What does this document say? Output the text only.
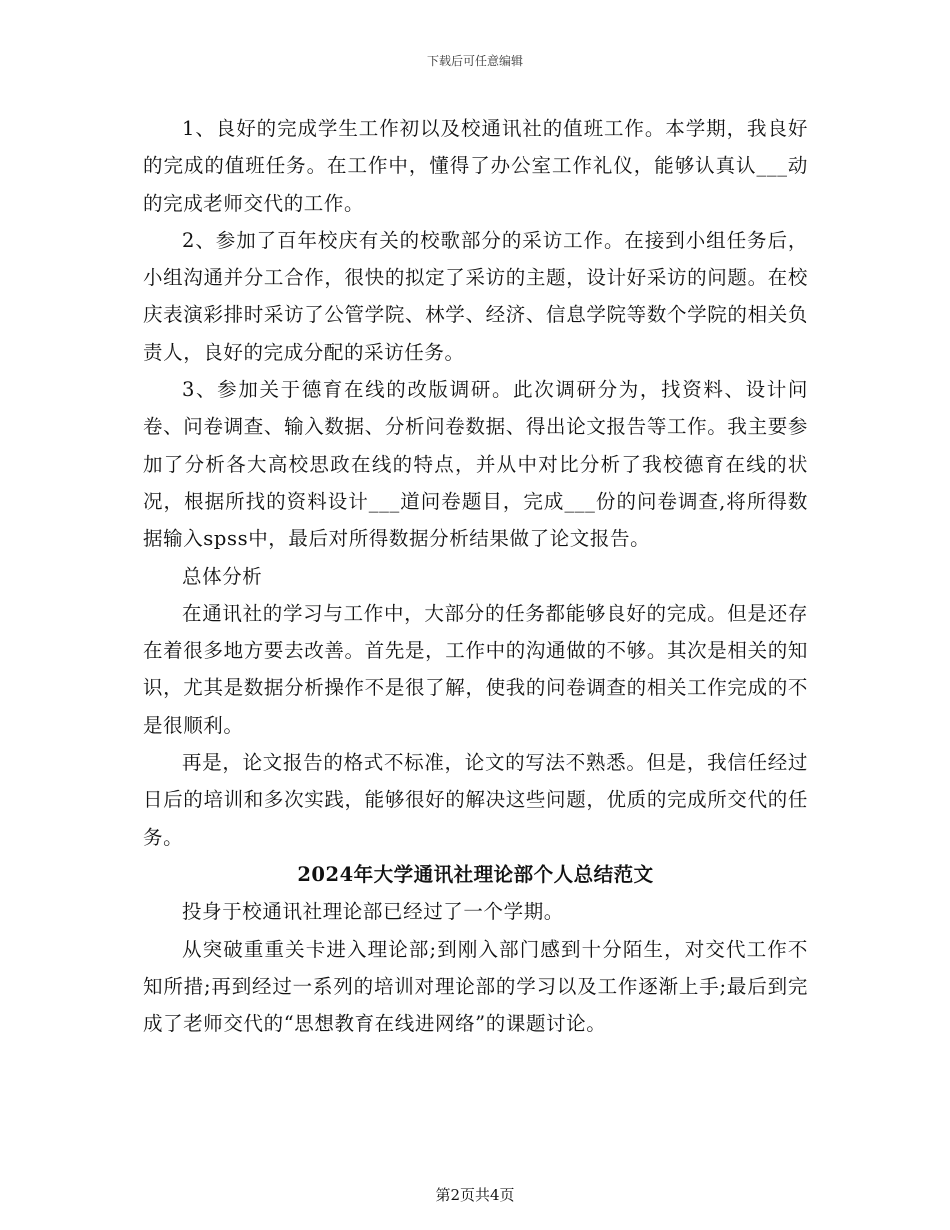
下载后可任意编辑

1、良好的完成学生工作初以及校通讯社的值班工作。本学期，我良好的完成的值班任务。在工作中，懂得了办公室工作礼仪，能够认真认___动的完成老师交代的工作。

2、参加了百年校庆有关的校歌部分的采访工作。在接到小组任务后，小组沟通并分工合作，很快的拟定了采访的主题，设计好采访的问题。在校庆表演彩排时采访了公管学院、林学、经济、信息学院等数个学院的相关负责人，良好的完成分配的采访任务。

3、参加关于德育在线的改版调研。此次调研分为，找资料、设计问卷、问卷调查、输入数据、分析问卷数据、得出论文报告等工作。我主要参加了分析各大高校思政在线的特点，并从中对比分析了我校德育在线的状况，根据所找的资料设计___道问卷题目，完成___份的问卷调查,将所得数据输入spss中，最后对所得数据分析结果做了论文报告。

总体分析

在通讯社的学习与工作中，大部分的任务都能够良好的完成。但是还存在着很多地方要去改善。首先是，工作中的沟通做的不够。其次是相关的知识，尤其是数据分析操作不是很了解，使我的问卷调查的相关工作完成的不是很顺利。

再是，论文报告的格式不标准，论文的写法不熟悉。但是，我信任经过日后的培训和多次实践，能够很好的解决这些问题，优质的完成所交代的任务。

2024年大学通讯社理论部个人总结范文

投身于校通讯社理论部已经过了一个学期。

从突破重重关卡进入理论部;到刚入部门感到十分陌生，对交代工作不知所措;再到经过一系列的培训对理论部的学习以及工作逐渐上手;最后到完成了老师交代的“思想教育在线进网络”的课题讨论。

第2页共4页
